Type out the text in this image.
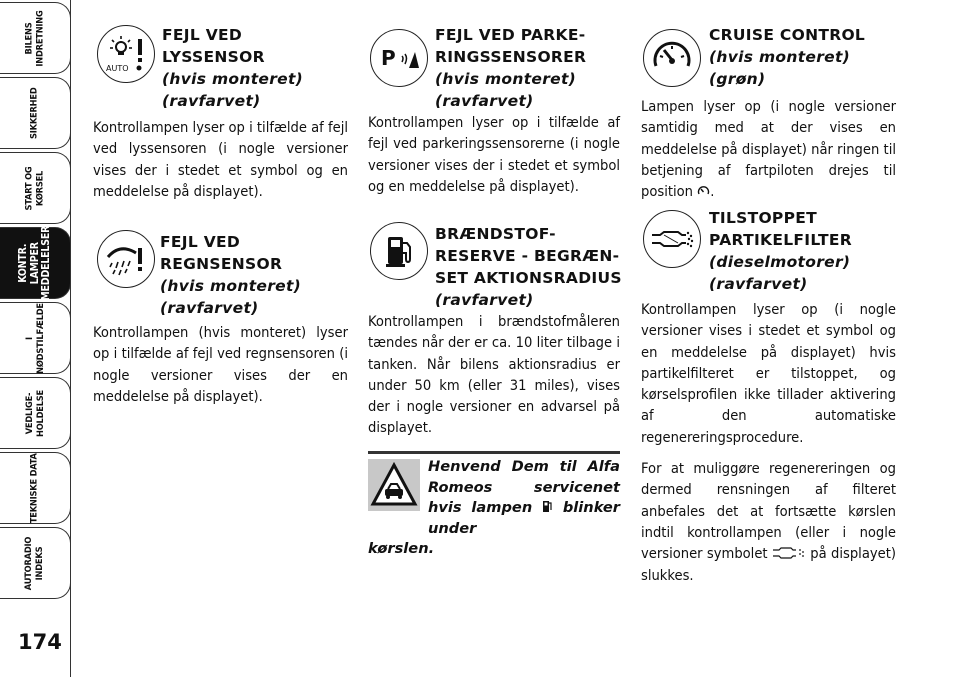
BILENS
INDRETNING
SIKKERHED
START OG
KØRSEL
KONTR.
LAMPER
MEDDELELSER
I NØDSTILFÆLDE
VEDLIGE-
HOLDELSE
TEKNISKE DATA
AUTORADIO
INDEKS
174
AUTO
FEJL VED
LYSSENSOR
(hvis monteret)
(ravfarvet)

Kontrollampen lyser op i tilfælde af fejl ved lyssensoren (i nogle versioner vises der i stedet et symbol og en meddelelse på displayet).

FEJL VED
REGNSENSOR
(hvis monteret)
(ravfarvet)

Kontrollampen (hvis monteret) lyser op i tilfælde af fejl ved regnsensoren (i nogle versioner vises der en meddelelse på displayet).

P
FEJL VED PARKE-
RINGSSENSORER
(hvis monteret)
(ravfarvet)

Kontrollampen lyser op i tilfælde af fejl ved parkeringssensorerne (i nogle versioner vises der i stedet et symbol og en meddelelse på displayet).

BRÆNDSTOF-
RESERVE - BEGRÆN-
SET AKTIONSRADIUS
(ravfarvet)

Kontrollampen i brændstofmåleren tændes når der er ca. 10 liter tilbage i tanken. Når bilens aktionsradius er under 50 km (eller 31 miles), vises der i nogle versioner en advarsel på displayet.

Henvend Dem til Alfa Romeos servicenet hvis lampen blinker under
kørslen.
CRUISE CONTROL
(hvis monteret)
(grøn)

Lampen lyser op (i nogle versioner samtidig med at der vises en meddelelse på displayet) når ringen til betjening af fartpiloten drejes til position .

TILSTOPPET
PARTIKELFILTER
(dieselmotorer)
(ravfarvet)

Kontrollampen lyser op (i nogle versioner vises i stedet et symbol og en meddelelse på displayet) hvis partikelfilteret er tilstoppet, og kørselsprofilen ikke tillader aktivering af den automatiske regenereringsprocedure.

For at muliggøre regenereringen og dermed rensningen af filteret anbefales det at fortsætte kørslen indtil kontrollampen (eller i nogle versioner symbolet	på displayet) slukkes.
